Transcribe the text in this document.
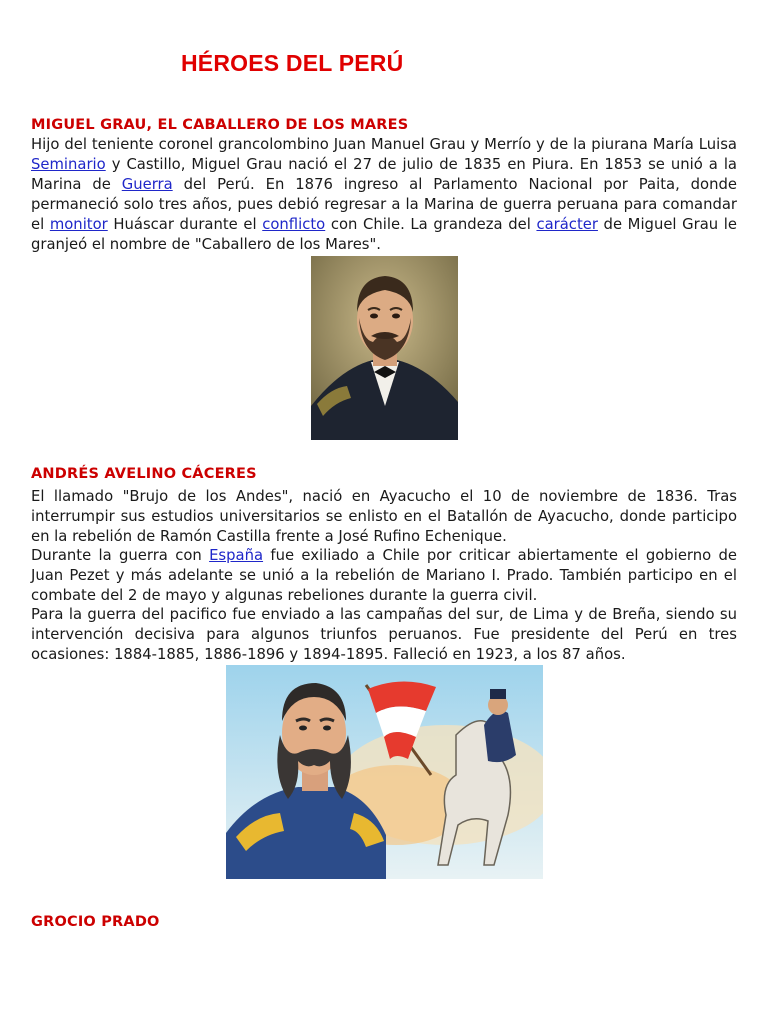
HÉROES DEL PERÚ
MIGUEL GRAU, EL CABALLERO DE LOS MARES

Hijo del teniente coronel grancolombino Juan Manuel Grau y Merrío y de la piurana María Luisa Seminario y Castillo, Miguel Grau nació el 27 de julio de 1835 en Piura. En 1853 se unió a la Marina de Guerra del Perú. En 1876 ingreso al Parlamento Nacional por Paita, donde permaneció solo tres años, pues debió regresar a la Marina de guerra peruana para comandar el monitor Huáscar durante el conflicto con Chile. La grandeza del carácter de Miguel Grau le granjeó el nombre de "Caballero de los Mares".

ANDRÉS AVELINO CÁCERES

El llamado "Brujo de los Andes", nació en Ayacucho el 10 de noviembre de 1836. Tras interrumpir sus estudios universitarios se enlisto en el Batallón de Ayacucho, donde participo en la rebelión de Ramón Castilla frente a José Rufino Echenique.

Durante la guerra con España fue exiliado a Chile por criticar abiertamente el gobierno de Juan Pezet y más adelante se unió a la rebelión de Mariano I. Prado. También participo en el combate del 2 de mayo y algunas rebeliones durante la guerra civil.

Para la guerra del pacifico fue enviado a las campañas del sur, de Lima y de Breña, siendo su intervención decisiva para algunos triunfos peruanos. Fue presidente del Perú en tres ocasiones: 1884-1885, 1886-1896 y 1894-1895. Falleció en 1923, a los 87 años.

GROCIO PRADO
